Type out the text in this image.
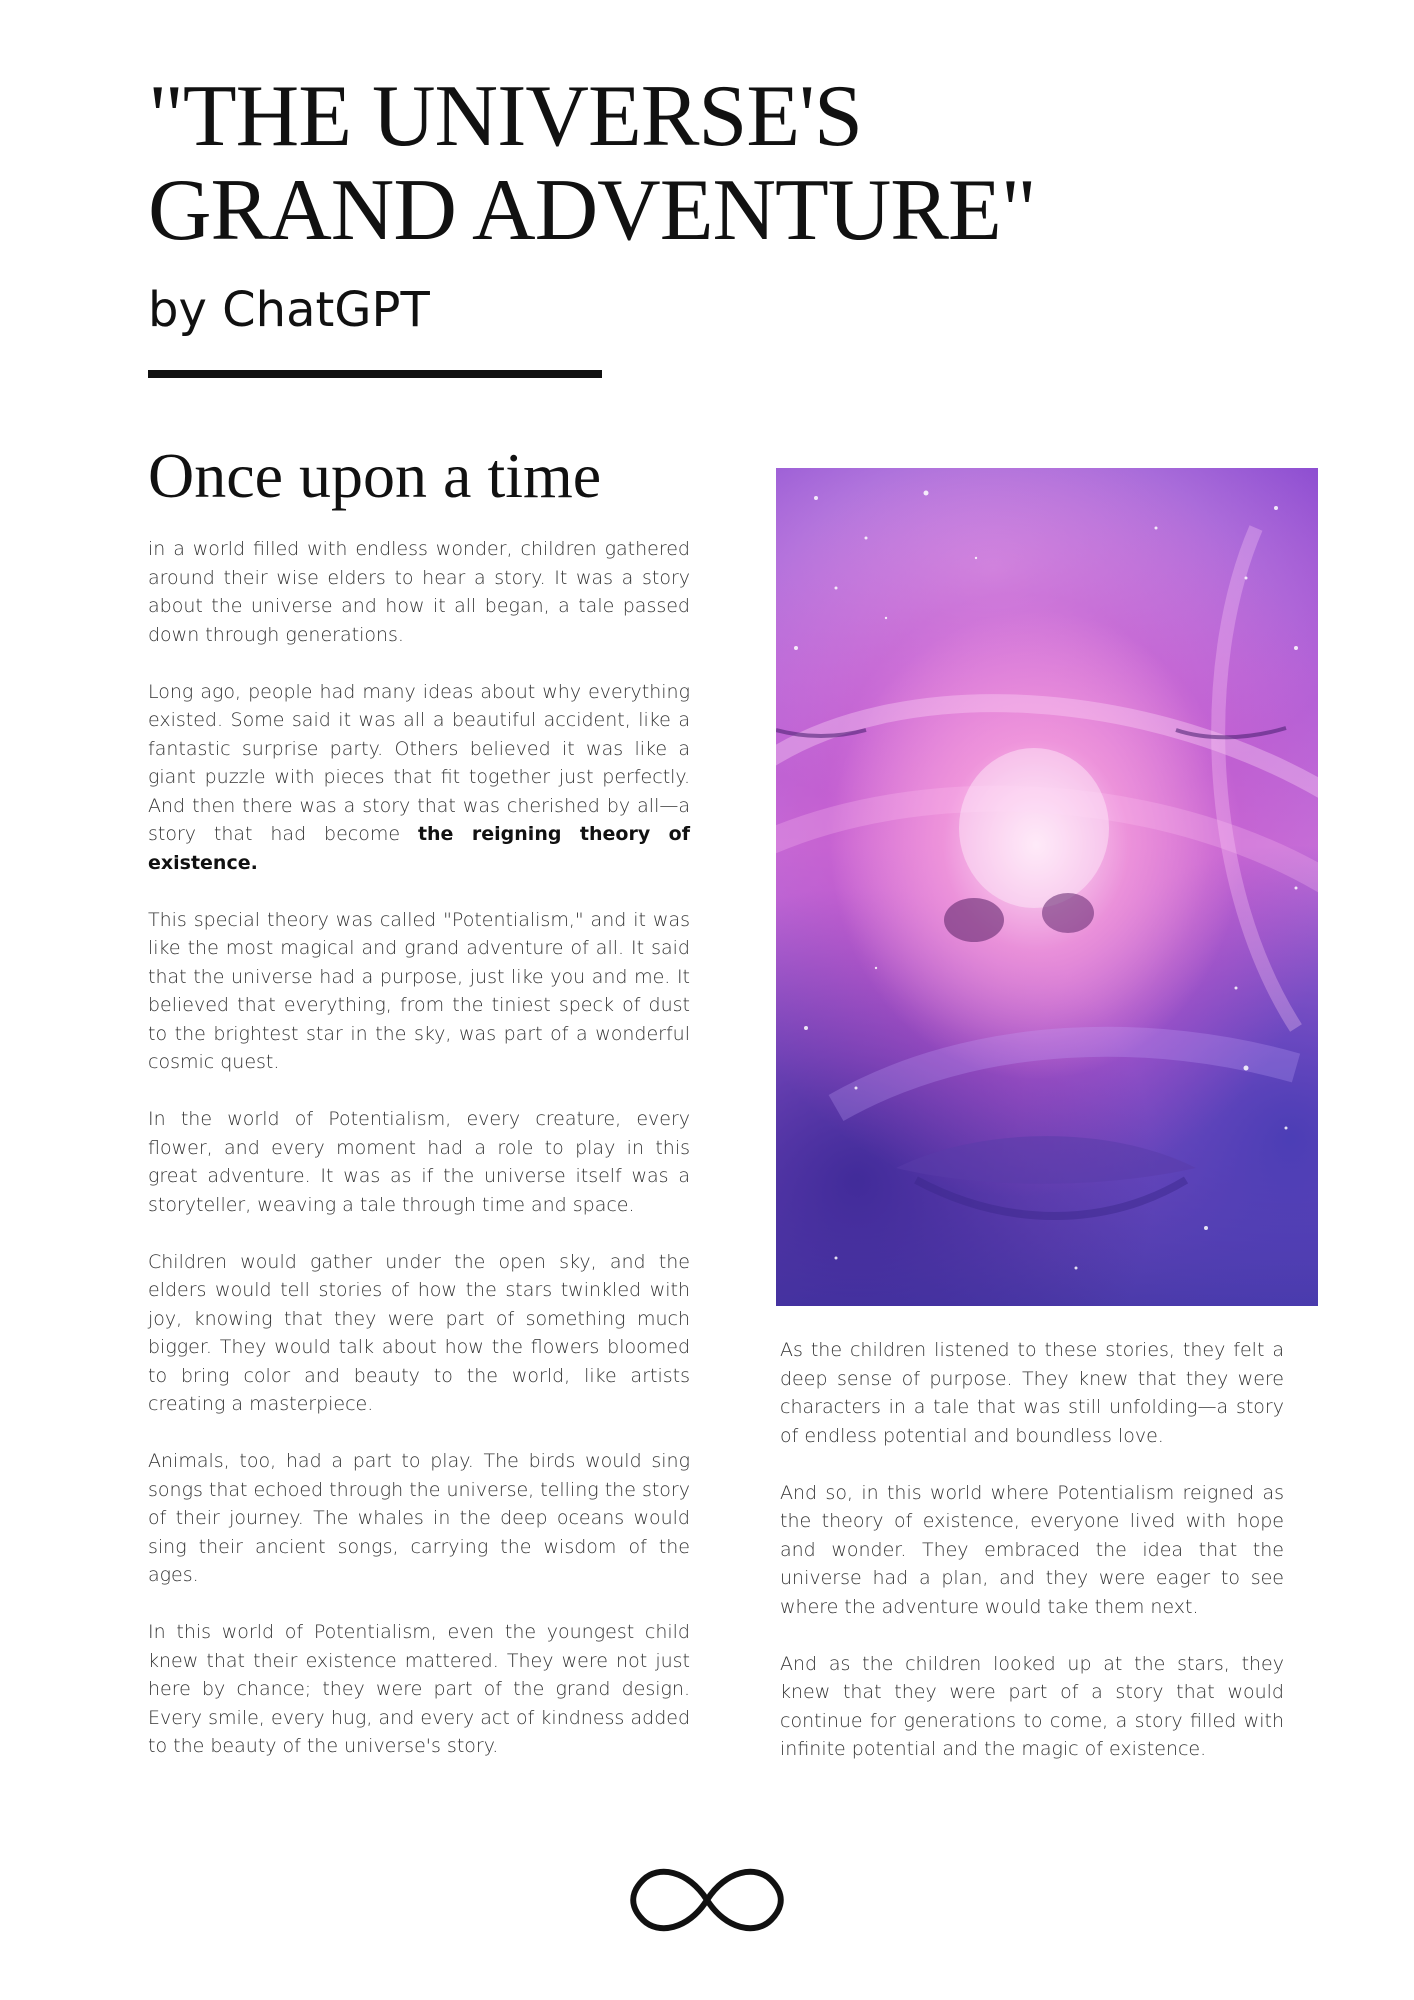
"THE UNIVERSE'S GRAND ADVENTURE"
by ChatGPT
Once upon a time

in a world filled with endless wonder, children gathered around their wise elders to hear a story. It was a story about the universe and how it all began, a tale passed down through generations.

Long ago, people had many ideas about why everything existed. Some said it was all a beautiful accident, like a fantastic surprise party. Others believed it was like a giant puzzle with pieces that fit together just perfectly. And then there was a story that was cherished by all—a story that had become the reigning theory of existence.

This special theory was called "Potentialism," and it was like the most magical and grand adventure of all. It said that the universe had a purpose, just like you and me. It believed that everything, from the tiniest speck of dust to the brightest star in the sky, was part of a wonderful cosmic quest.

In the world of Potentialism, every creature, every flower, and every moment had a role to play in this great adventure. It was as if the universe itself was a storyteller, weaving a tale through time and space.

Children would gather under the open sky, and the elders would tell stories of how the stars twinkled with joy, knowing that they were part of something much bigger. They would talk about how the flowers bloomed to bring color and beauty to the world, like artists creating a masterpiece.

Animals, too, had a part to play. The birds would sing songs that echoed through the universe, telling the story of their journey. The whales in the deep oceans would sing their ancient songs, carrying the wisdom of the ages.

In this world of Potentialism, even the youngest child knew that their existence mattered. They were not just here by chance; they were part of the grand design. Every smile, every hug, and every act of kindness added to the beauty of the universe's story.

As the children listened to these stories, they felt a deep sense of purpose. They knew that they were characters in a tale that was still unfolding—a story of endless potential and boundless love.

And so, in this world where Potentialism reigned as the theory of existence, everyone lived with hope and wonder. They embraced the idea that the universe had a plan, and they were eager to see where the adventure would take them next.

And as the children looked up at the stars, they knew that they were part of a story that would continue for generations to come, a story filled with infinite potential and the magic of existence.
